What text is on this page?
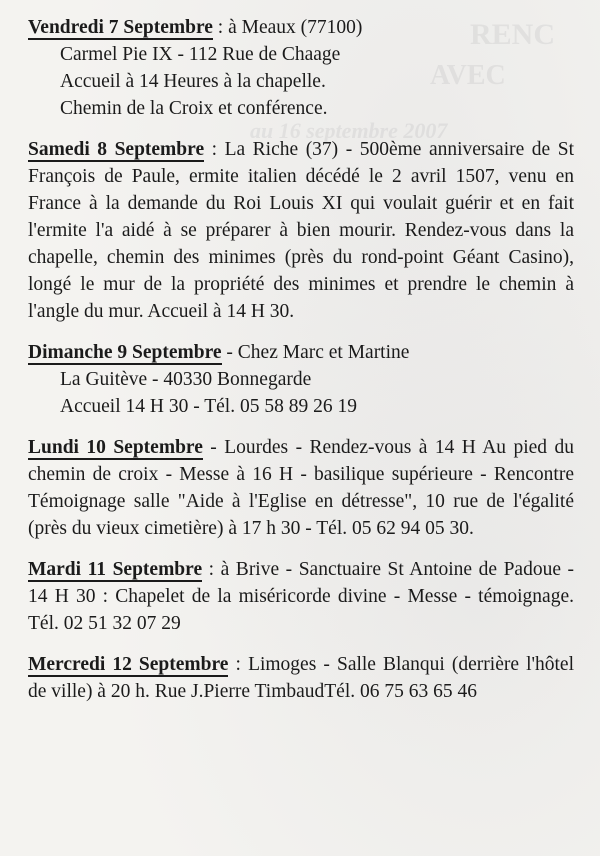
RENC
AVEC
au 16 septembre 2007

Vendredi 7 Septembre : à Meaux (77100)

Carmel Pie IX - 112 Rue de Chaage

Accueil à 14 Heures à la chapelle.

Chemin de la Croix et conférence.

Samedi 8 Septembre : La Riche (37) - 500ème anniversaire de St François de Paule, ermite italien décédé le 2 avril 1507, venu en France à la demande du Roi Louis XI qui voulait guérir et en fait l'ermite l'a aidé à se préparer à bien mourir. Rendez-vous dans la chapelle, chemin des minimes (près du rond-point Géant Casino), longé le mur de la propriété des minimes et prendre le chemin à l'angle du mur. Accueil à 14 H 30.

Dimanche 9 Septembre - Chez Marc et Martine

La Guitève - 40330 Bonnegarde

Accueil 14 H 30 - Tél. 05 58 89 26 19

Lundi 10 Septembre - Lourdes - Rendez-vous à 14 H Au pied du chemin de croix - Messe à 16 H - basilique supérieure - Rencontre Témoignage salle "Aide à l'Eglise en détresse", 10 rue de l'égalité (près du vieux cimetière) à 17 h 30 - Tél. 05 62 94 05 30.

Mardi 11 Septembre : à Brive - Sanctuaire St Antoine de Padoue - 14 H 30 : Chapelet de la miséricorde divine - Messe - témoignage. Tél. 02 51 32 07 29

Mercredi 12 Septembre : Limoges - Salle Blanqui (derrière l'hôtel de ville) à 20 h. Rue J.Pierre TimbaudTél. 06 75 63 65 46
